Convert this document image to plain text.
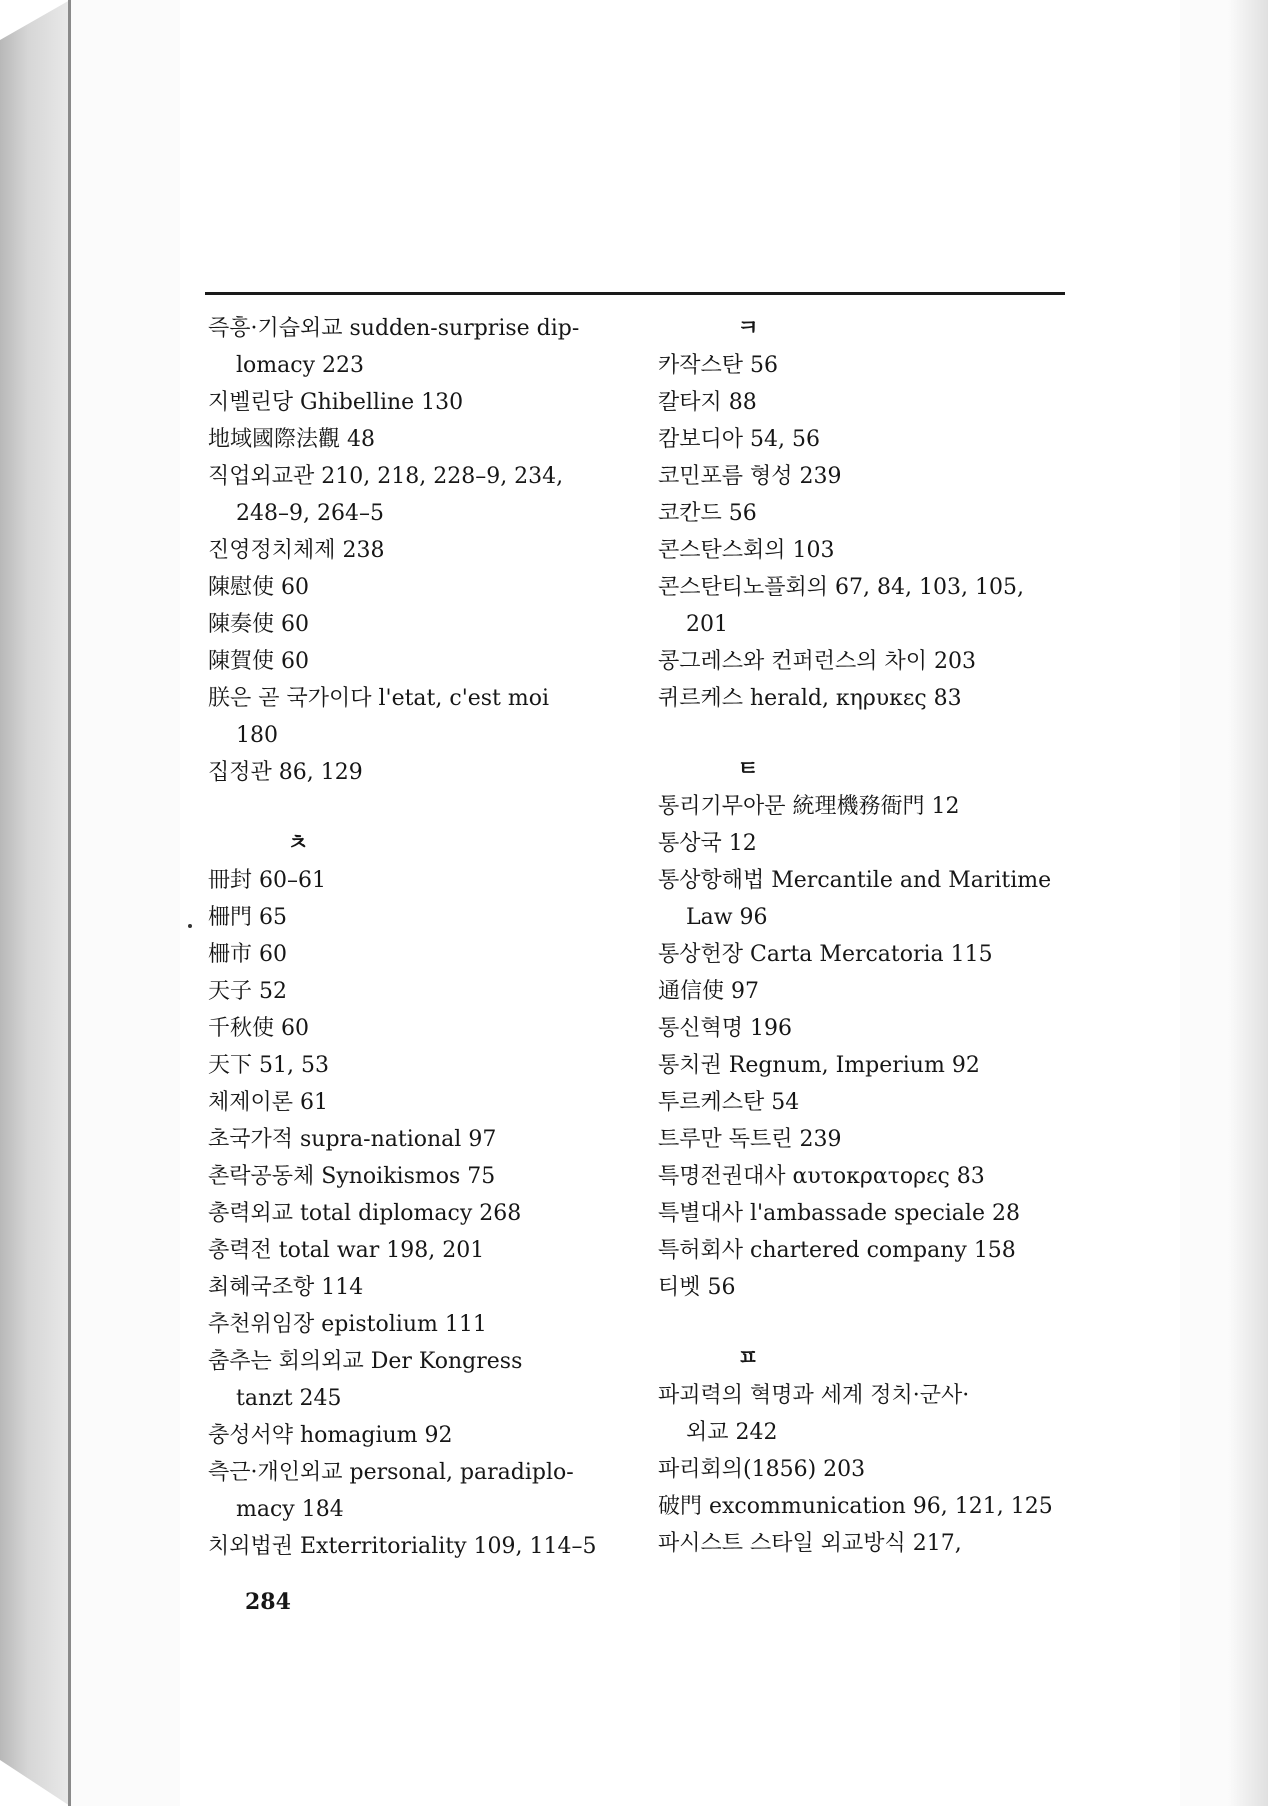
즉흥·기습외교 sudden-surprise dip-
lomacy 223
지벨린당 Ghibelline 130
地域國際法觀 48
직업외교관 210, 218, 228–9, 234,
248–9, 264–5
진영정치체제 238
陳慰使 60
陳奏使 60
陳賀使 60
朕은 곧 국가이다 l'etat, c'est moi
180
집정관 86, 129
ㅊ
冊封 60–61
柵門 65
柵市 60
天子 52
千秋使 60
天下 51, 53
체제이론 61
초국가적 supra-national 97
촌락공동체 Synoikismos 75
총력외교 total diplomacy 268
총력전 total war 198, 201
최혜국조항 114
추천위임장 epistolium 111
춤추는 회의외교 Der Kongress
tanzt 245
충성서약 homagium 92
측근·개인외교 personal, paradiplo-
macy 184
치외법권 Exterritoriality 109, 114–5
ㅋ
카작스탄 56
칼타지 88
캄보디아 54, 56
코민포름 형성 239
코칸드 56
콘스탄스회의 103
콘스탄티노플회의 67, 84, 103, 105,
201
콩그레스와 컨퍼런스의 차이 203
퀴르케스 herald, κηρυκες 83
ㅌ
통리기무아문 統理機務衙門 12
통상국 12
통상항해법 Mercantile and Maritime
Law 96
통상헌장 Carta Mercatoria 115
通信使 97
통신혁명 196
통치권 Regnum, Imperium 92
투르케스탄 54
트루만 독트린 239
특명전권대사 αυτοκρατορες 83
특별대사 l'ambassade speciale 28
특허회사 chartered company 158
티벳 56
ㅍ
파괴력의 혁명과 세계 정치·군사·
외교 242
파리회의(1856) 203
破門 excommunication 96, 121, 125
파시스트 스타일 외교방식 217,
284
